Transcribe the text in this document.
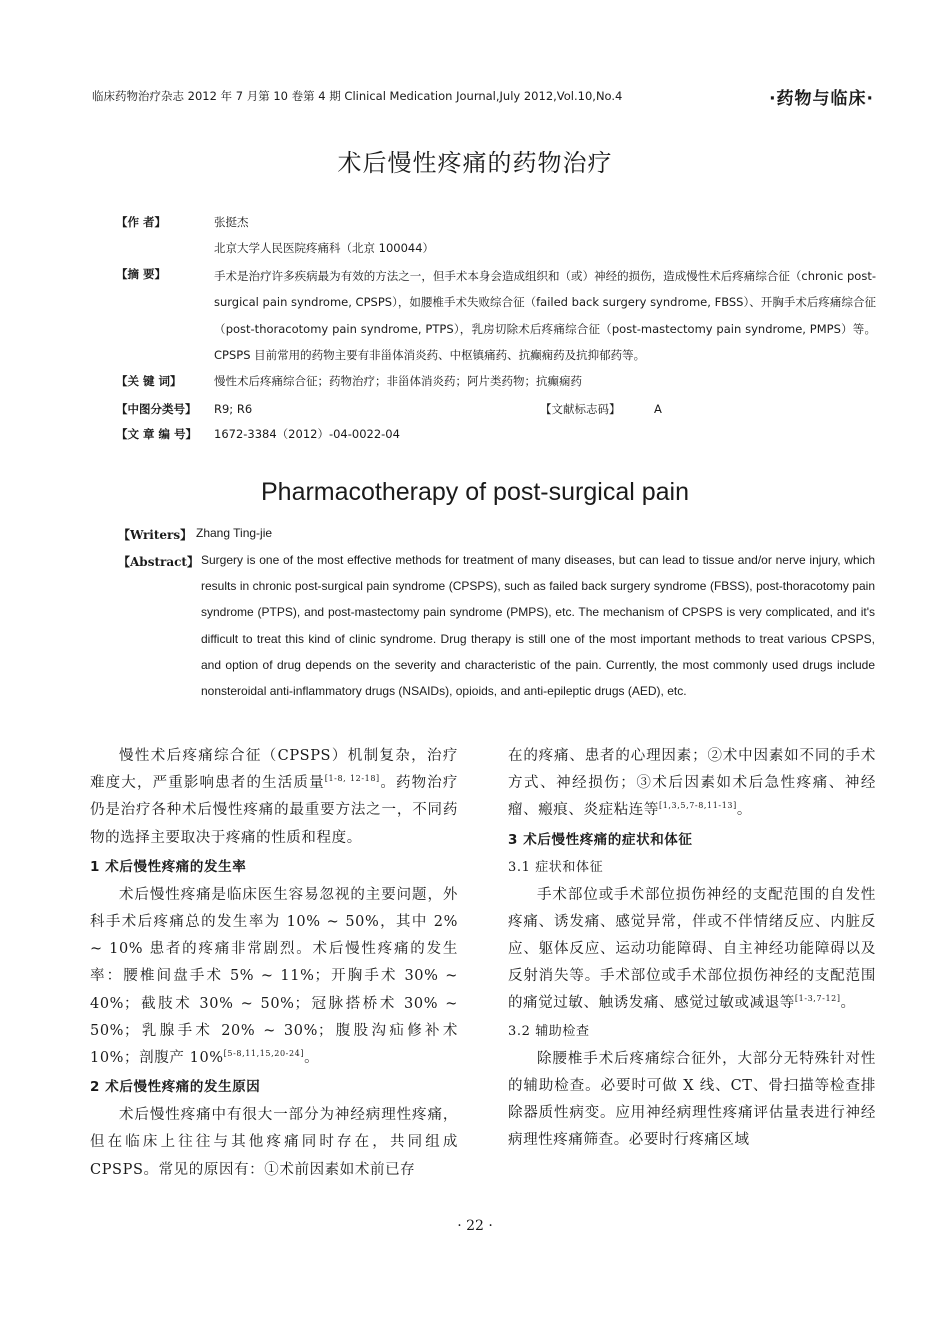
临床药物治疗杂志 2012 年 7 月第 10 卷第 4 期 Clinical Medication Journal,July 2012,Vol.10,No.4	·药物与临床·
术后慢性疼痛的药物治疗
【作 者】	张挺杰
北京大学人民医院疼痛科（北京 100044）
【摘 要】	手术是治疗许多疾病最为有效的方法之一，但手术本身会造成组织和（或）神经的损伤，造成慢性术后疼痛综合征（chronic post-surgical pain syndrome, CPSPS），如腰椎手术失败综合征（failed back surgery syndrome, FBSS）、开胸手术后疼痛综合征（post-thoracotomy pain syndrome, PTPS），乳房切除术后疼痛综合征（post-mastectomy pain syndrome, PMPS）等。CPSPS 目前常用的药物主要有非甾体消炎药、中枢镇痛药、抗癫痫药及抗抑郁药等。
【关 键 词】	慢性术后疼痛综合征；药物治疗；非甾体消炎药；阿片类药物；抗癫痫药
【中图分类号】 R9; R6	【文献标志码】	A
【文 章 编 号】 1672-3384（2012）-04-0022-04
Pharmacotherapy of post-surgical pain
【Writers】 Zhang Ting-jie
【Abstract】 Surgery is one of the most effective methods for treatment of many diseases, but can lead to tissue and/or nerve injury, which results in chronic post-surgical pain syndrome (CPSPS), such as failed back surgery syndrome (FBSS), post-thoracotomy pain syndrome (PTPS), and post-mastectomy pain syndrome (PMPS), etc. The mechanism of CPSPS is very complicated, and it's difficult to treat this kind of clinic syndrome. Drug therapy is still one of the most important methods to treat various CPSPS, and option of drug depends on the severity and characteristic of the pain. Currently, the most commonly used drugs include nonsteroidal anti-inflammatory drugs (NSAIDs), opioids, and anti-epileptic drugs (AED), etc.

慢性术后疼痛综合征（CPSPS）机制复杂，治疗难度大，严重影响患者的生活质量[1-8, 12-18]。药物治疗仍是治疗各种术后慢性疼痛的最重要方法之一，不同药物的选择主要取决于疼痛的性质和程度。

1 术后慢性疼痛的发生率

术后慢性疼痛是临床医生容易忽视的主要问题，外科手术后疼痛总的发生率为 10% ~ 50%，其中 2% ~ 10% 患者的疼痛非常剧烈。术后慢性疼痛的发生率：腰椎间盘手术 5% ~ 11%；开胸手术 30% ~ 40%；截肢术 30% ~ 50%；冠脉搭桥术 30% ~ 50%；乳腺手术 20% ~ 30%；腹股沟疝修补术 10%；剖腹产 10%[5-8,11,15,20-24]。

2 术后慢性疼痛的发生原因

术后慢性疼痛中有很大一部分为神经病理性疼痛，但在临床上往往与其他疼痛同时存在，共同组成 CPSPS。常见的原因有：①术前因素如术前已存

在的疼痛、患者的心理因素；②术中因素如不同的手术方式、神经损伤；③术后因素如术后急性疼痛、神经瘤、瘢痕、炎症粘连等[1,3,5,7-8,11-13]。

3 术后慢性疼痛的症状和体征
3.1 症状和体征

手术部位或手术部位损伤神经的支配范围的自发性疼痛、诱发痛、感觉异常，伴或不伴情绪反应、内脏反应、躯体反应、运动功能障碍、自主神经功能障碍以及反射消失等。手术部位或手术部位损伤神经的支配范围的痛觉过敏、触诱发痛、感觉过敏或减退等[1-3,7-12]。

3.2 辅助检查

除腰椎手术后疼痛综合征外，大部分无特殊针对性的辅助检查。必要时可做 X 线、CT、骨扫描等检查排除器质性病变。应用神经病理性疼痛评估量表进行神经病理性疼痛筛查。必要时行疼痛区域

· 22 ·
